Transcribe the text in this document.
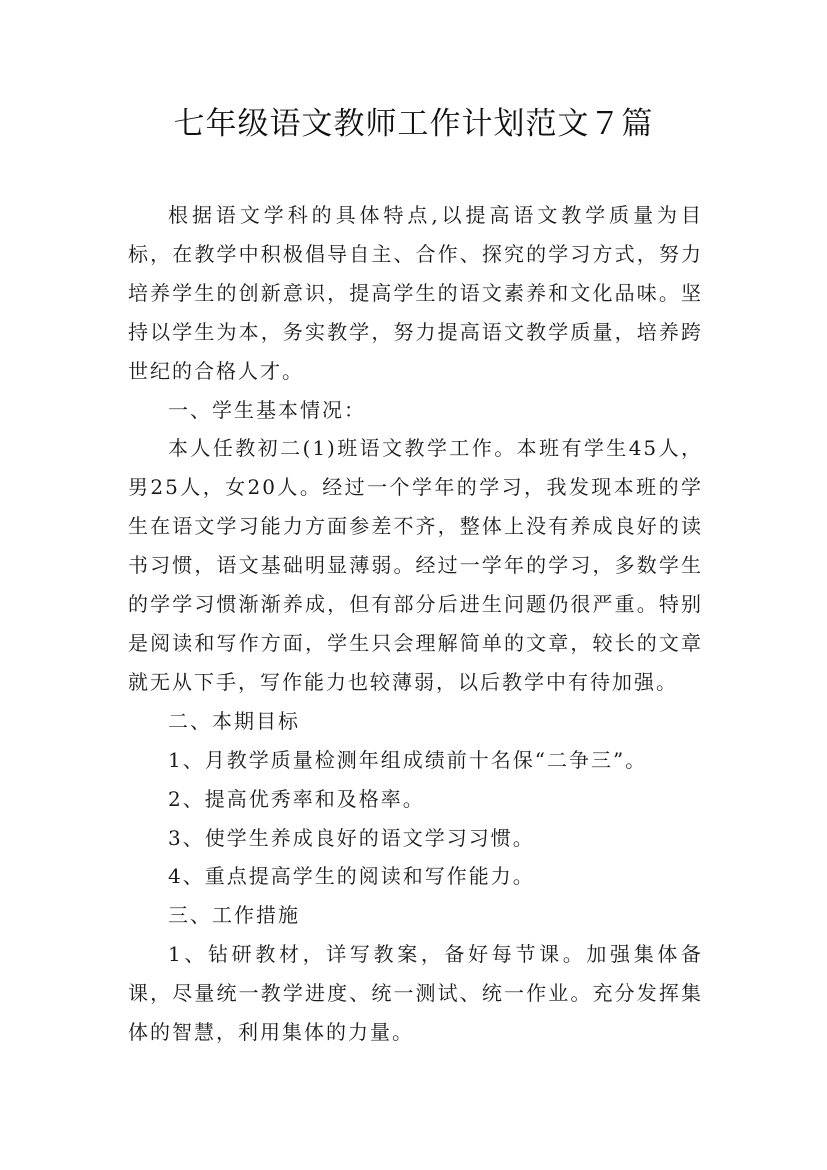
七年级语文教师工作计划范文７篇

根据语文学科的具体特点,以提高语文教学质量为目标，在教学中积极倡导自主、合作、探究的学习方式，努力培养学生的创新意识，提高学生的语文素养和文化品味。坚持以学生为本，务实教学，努力提高语文教学质量，培养跨世纪的合格人才。

一、学生基本情况：

本人任教初二(1)班语文教学工作。本班有学生45人，男25人，女20人。经过一个学年的学习，我发现本班的学生在语文学习能力方面参差不齐，整体上没有养成良好的读书习惯，语文基础明显薄弱。经过一学年的学习，多数学生的学学习惯渐渐养成，但有部分后进生问题仍很严重。特别是阅读和写作方面，学生只会理解简单的文章，较长的文章就无从下手，写作能力也较薄弱，以后教学中有待加强。

二、本期目标

1、月教学质量检测年组成绩前十名保“二争三”。

2、提高优秀率和及格率。

3、使学生养成良好的语文学习习惯。

4、重点提高学生的阅读和写作能力。

三、工作措施

1、钻研教材，详写教案，备好每节课。加强集体备课，尽量统一教学进度、统一测试、统一作业。充分发挥集体的智慧，利用集体的力量。
